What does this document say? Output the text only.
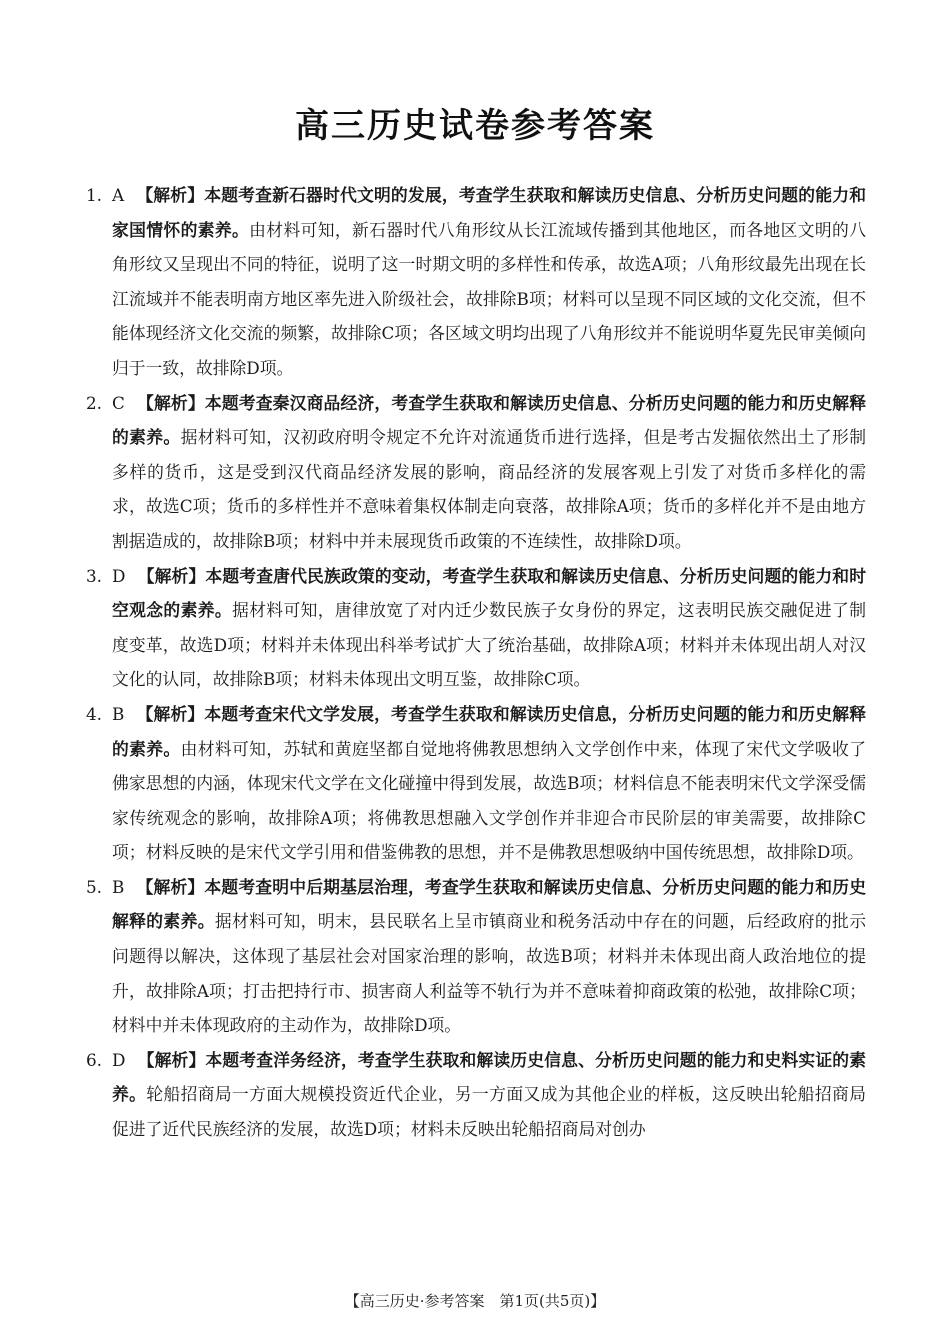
高三历史试卷参考答案
1. A 【解析】本题考查新石器时代文明的发展，考查学生获取和解读历史信息、分析历史问题的能力和家国情怀的素养。由材料可知，新石器时代八角形纹从长江流域传播到其他地区，而各地区文明的八角形纹又呈现出不同的特征，说明了这一时期文明的多样性和传承，故选A项；八角形纹最先出现在长江流域并不能表明南方地区率先进入阶级社会，故排除B项；材料可以呈现不同区域的文化交流，但不能体现经济文化交流的频繁，故排除C项；各区域文明均出现了八角形纹并不能说明华夏先民审美倾向归于一致，故排除D项。
2. C 【解析】本题考查秦汉商品经济，考查学生获取和解读历史信息、分析历史问题的能力和历史解释的素养。据材料可知，汉初政府明令规定不允许对流通货币进行选择，但是考古发掘依然出土了形制多样的货币，这是受到汉代商品经济发展的影响，商品经济的发展客观上引发了对货币多样化的需求，故选C项；货币的多样性并不意味着集权体制走向衰落，故排除A项；货币的多样化并不是由地方割据造成的，故排除B项；材料中并未展现货币政策的不连续性，故排除D项。
3. D 【解析】本题考查唐代民族政策的变动，考查学生获取和解读历史信息、分析历史问题的能力和时空观念的素养。据材料可知，唐律放宽了对内迁少数民族子女身份的界定，这表明民族交融促进了制度变革，故选D项；材料并未体现出科举考试扩大了统治基础，故排除A项；材料并未体现出胡人对汉文化的认同，故排除B项；材料未体现出文明互鉴，故排除C项。
4. B 【解析】本题考查宋代文学发展，考查学生获取和解读历史信息，分析历史问题的能力和历史解释的素养。由材料可知，苏轼和黄庭坚都自觉地将佛教思想纳入文学创作中来，体现了宋代文学吸收了佛家思想的内涵，体现宋代文学在文化碰撞中得到发展，故选B项；材料信息不能表明宋代文学深受儒家传统观念的影响，故排除A项；将佛教思想融入文学创作并非迎合市民阶层的审美需要，故排除C项；材料反映的是宋代文学引用和借鉴佛教的思想，并不是佛教思想吸纳中国传统思想，故排除D项。
5. B 【解析】本题考查明中后期基层治理，考查学生获取和解读历史信息、分析历史问题的能力和历史解释的素养。据材料可知，明末，县民联名上呈市镇商业和税务活动中存在的问题，后经政府的批示问题得以解决，这体现了基层社会对国家治理的影响，故选B项；材料并未体现出商人政治地位的提升，故排除A项；打击把持行市、损害商人利益等不轨行为并不意味着抑商政策的松弛，故排除C项；材料中并未体现政府的主动作为，故排除D项。
6. D 【解析】本题考查洋务经济，考查学生获取和解读历史信息、分析历史问题的能力和史料实证的素养。轮船招商局一方面大规模投资近代企业，另一方面又成为其他企业的样板，这反映出轮船招商局促进了近代民族经济的发展，故选D项；材料未反映出轮船招商局对创办
【高三历史·参考答案　第1页(共5页)】
